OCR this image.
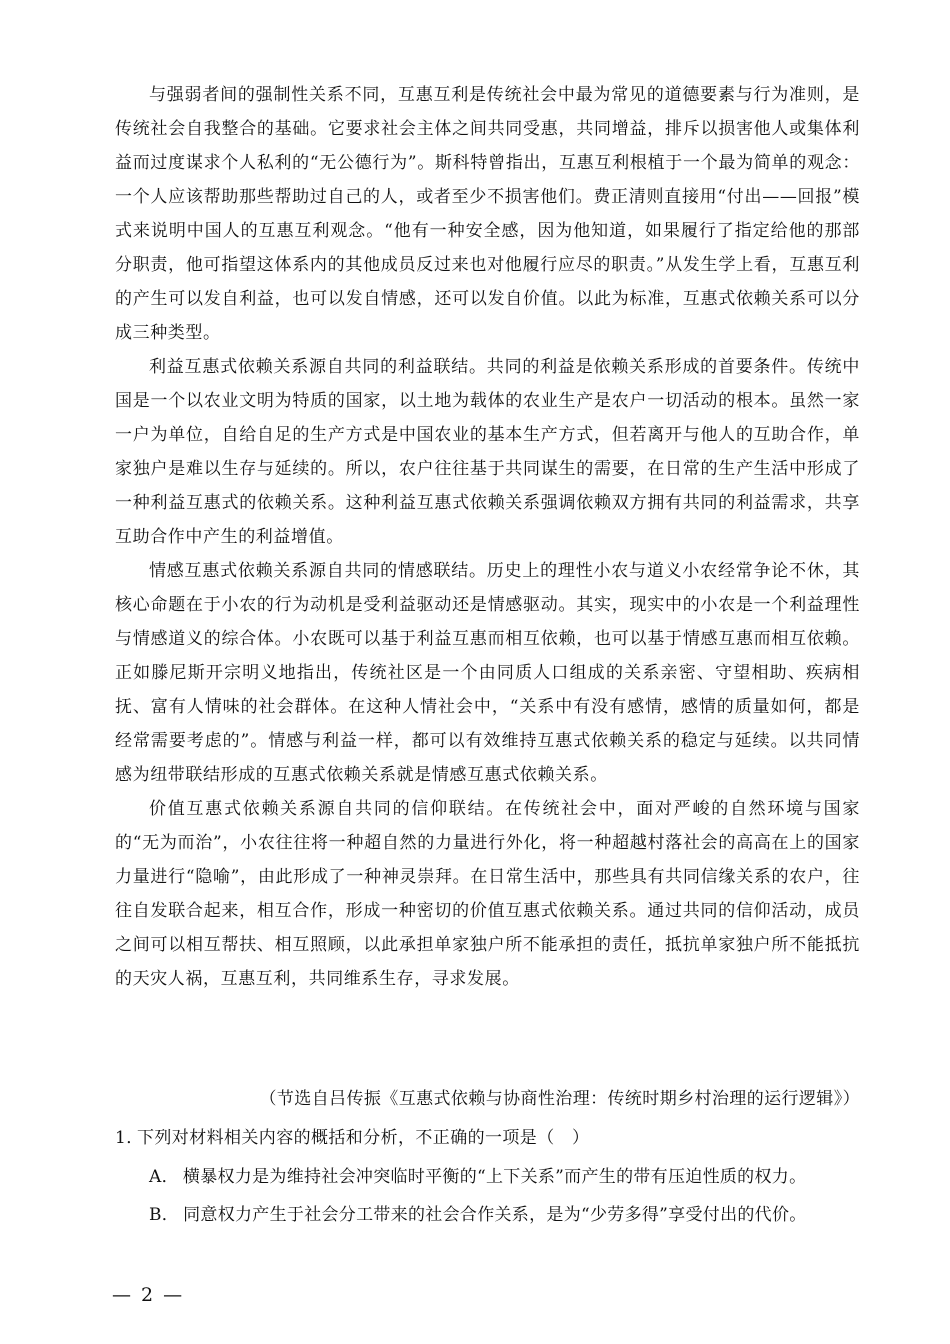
与强弱者间的强制性关系不同，互惠互利是传统社会中最为常见的道德要素与行为准则，是传统社会自我整合的基础。它要求社会主体之间共同受惠，共同增益，排斥以损害他人或集体利益而过度谋求个人私利的“无公德行为”。斯科特曾指出，互惠互利根植于一个最为简单的观念：一个人应该帮助那些帮助过自己的人，或者至少不损害他们。费正清则直接用“付出——回报”模式来说明中国人的互惠互利观念。“他有一种安全感，因为他知道，如果履行了指定给他的那部分职责，他可指望这体系内的其他成员反过来也对他履行应尽的职责。”从发生学上看，互惠互利的产生可以发自利益，也可以发自情感，还可以发自价值。以此为标准，互惠式依赖关系可以分成三种类型。

利益互惠式依赖关系源自共同的利益联结。共同的利益是依赖关系形成的首要条件。传统中国是一个以农业文明为特质的国家，以土地为载体的农业生产是农户一切活动的根本。虽然一家一户为单位，自给自足的生产方式是中国农业的基本生产方式，但若离开与他人的互助合作，单家独户是难以生存与延续的。所以，农户往往基于共同谋生的需要，在日常的生产生活中形成了一种利益互惠式的依赖关系。这种利益互惠式依赖关系强调依赖双方拥有共同的利益需求，共享互助合作中产生的利益增值。

情感互惠式依赖关系源自共同的情感联结。历史上的理性小农与道义小农经常争论不休，其核心命题在于小农的行为动机是受利益驱动还是情感驱动。其实，现实中的小农是一个利益理性与情感道义的综合体。小农既可以基于利益互惠而相互依赖，也可以基于情感互惠而相互依赖。正如滕尼斯开宗明义地指出，传统社区是一个由同质人口组成的关系亲密、守望相助、疾病相抚、富有人情味的社会群体。在这种人情社会中，“关系中有没有感情，感情的质量如何，都是经常需要考虑的”。情感与利益一样，都可以有效维持互惠式依赖关系的稳定与延续。以共同情感为纽带联结形成的互惠式依赖关系就是情感互惠式依赖关系。

价值互惠式依赖关系源自共同的信仰联结。在传统社会中，面对严峻的自然环境与国家的“无为而治”，小农往往将一种超自然的力量进行外化，将一种超越村落社会的高高在上的国家力量进行“隐喻”，由此形成了一种神灵崇拜。在日常生活中，那些具有共同信缘关系的农户，往往自发联合起来，相互合作，形成一种密切的价值互惠式依赖关系。通过共同的信仰活动，成员之间可以相互帮扶、相互照顾，以此承担单家独户所不能承担的责任，抵抗单家独户所不能抵抗的天灾人祸，互惠互利，共同维系生存，寻求发展。

（节选自吕传振《互惠式依赖与协商性治理：传统时期乡村治理的运行逻辑》）
1．下列对材料相关内容的概括和分析，不正确的一项是（　）
A． 横暴权力是为维持社会冲突临时平衡的“上下关系”而产生的带有压迫性质的权力。
B． 同意权力产生于社会分工带来的社会合作关系，是为“少劳多得”享受付出的代价。
— 2 —
